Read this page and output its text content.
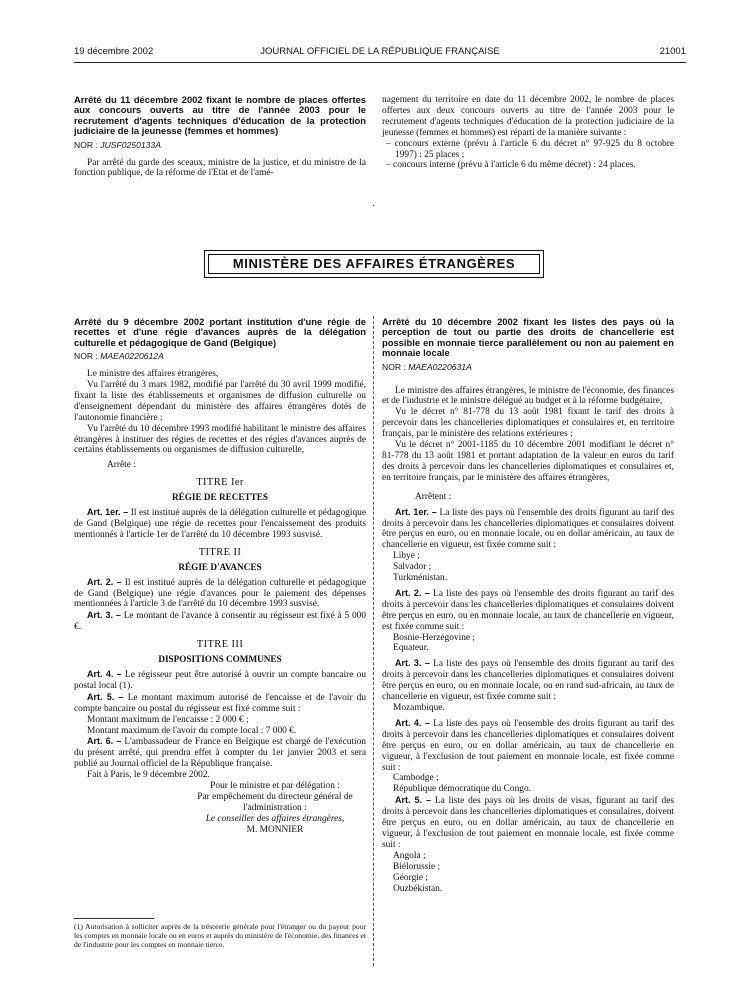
19 décembre 2002	JOURNAL OFFICIEL DE LA RÉPUBLIQUE FRANÇAISE	21001

Arrêté du 11 décembre 2002 fixant le nombre de places offertes aux concours ouverts au titre de l'année 2003 pour le recrutement d'agents techniques d'éducation de la protection judiciaire de la jeunesse (femmes et hommes)

NOR : JUSF0250133A

Par arrêté du garde des sceaux, ministre de la justice, et du ministre de la fonction publique, de la réforme de l'Etat et de l'amé-

nagement du territoire en date du 11 décembre 2002, le nombre de places offertes aux deux concours ouverts au titre de l'année 2003 pour le recrutement d'agents techniques d'éducation de la protection judiciaire de la jeunesse (femmes et hommes) est réparti de la manière suivante :

– concours externe (prévu à l'article 6 du décret n° 97-925 du 8 octobre 1997) : 25 places ;

– concours interne (prévu à l'article 6 du même décret) : 24 places.

MINISTÈRE DES AFFAIRES ÉTRANGÈRES

Arrêté du 9 décembre 2002 portant institution d'une régie de recettes et d'une régie d'avances auprès de la délégation culturelle et pédagogique de Gand (Belgique)

NOR : MAEA0220612A

Le ministre des affaires étrangères,

Vu l'arrêté du 3 mars 1982, modifié par l'arrêté du 30 avril 1999 modifié, fixant la liste des établissements et organismes de diffusion culturelle ou d'enseignement dépendant du ministère des affaires étrangères dotés de l'autonomie financière ;

Vu l'arrêté du 10 décembre 1993 modifié habilitant le ministre des affaires étrangères à instituer des régies de recettes et des régies d'avances auprès de certains établissements ou organismes de diffusion culturelle,

Arrête :

TITRE Ier

RÉGIE DE RECETTES

Art. 1er. – Il est institué auprès de la délégation culturelle et pédagogique de Gand (Belgique) une régie de recettes pour l'encaissement des produits mentionnés à l'article 1er de l'arrêté du 10 décembre 1993 susvisé.

TITRE II

RÉGIE D'AVANCES

Art. 2. – Il est institué auprès de la délégation culturelle et pédagogique de Gand (Belgique) une régie d'avances pour le paiement des dépenses mentionnées à l'article 3 de l'arrêté du 10 décembre 1993 susvisé.

Art. 3. – Le montant de l'avance à consentir au régisseur est fixé à 5 000 €.

TITRE III

DISPOSITIONS COMMUNES

Art. 4. – Le régisseur peut être autorisé à ouvrir un compte bancaire ou postal local (1).

Art. 5. – Le montant maximum autorisé de l'encaisse et de l'avoir du compte bancaire ou postal du régisseur est fixé comme suit :

Montant maximum de l'encaisse : 2 000 € ;

Montant maximum de l'avoir du compte local : 7 000 €.

Art. 6. – L'ambassadeur de France en Belgique est chargé de l'exécution du présent arrêté, qui prendra effet à compter du 1er janvier 2003 et sera publié au Journal officiel de la République française.

Fait à Paris, le 9 décembre 2002.

Pour le ministre et par délégation :

Par empêchement du directeur général de l'administration :

Le conseiller des affaires étrangères,

M. MONNIER

(1) Autorisation à solliciter auprès de la trésorerie générale pour l'étranger ou du payeur pour les comptes en monnaie locale ou en euros et auprès du ministère de l'économie, des finances et de l'industrie pour les comptes en monnaie tierce.

Arrêté du 10 décembre 2002 fixant les listes des pays où la perception de tout ou partie des droits de chancellerie est possible en monnaie tierce parallèlement ou non au paiement en monnaie locale

NOR : MAEA0220631A

Le ministre des affaires étrangères, le ministre de l'économie, des finances et de l'industrie et le ministre délégué au budget et à la réforme budgétaire,

Vu le décret n° 81-778 du 13 août 1981 fixant le tarif des droits à percevoir dans les chancelleries diplomatiques et consulaires et, en territoire français, par le ministère des relations extérieures ;

Vu le décret n° 2001-1185 du 10 décembre 2001 modifiant le décret n° 81-778 du 13 août 1981 et portant adaptation de la valeur en euros du tarif des droits à percevoir dans les chancelleries diplomatiques et consulaires et, en territoire français, par le ministère des affaires étrangères,

Arrêtent :

Art. 1er. – La liste des pays où l'ensemble des droits figurant au tarif des droits à percevoir dans les chancelleries diplomatiques et consulaires doivent être perçus en euro, ou en monnaie locale, ou en dollar américain, au taux de chancellerie en vigueur, est fixée comme suit :

Libye ;

Salvador ;

Turkménistan.

Art. 2. – La liste des pays où l'ensemble des droits figurant au tarif des droits à percevoir dans les chancelleries diplomatiques et consulaires doivent être perçus en euro, ou en monnaie locale, au taux de chancellerie en vigueur, est fixée comme suit :

Bosnie-Herzégovine ;

Equateur.

Art. 3. – La liste des pays où l'ensemble des droits figurant au tarif des droits à percevoir dans les chancelleries diplomatiques et consulaires doivent être perçus en euro, ou en monnaie locale, ou en rand sud-africain, au taux de chancellerie en vigueur, est fixée comme suit :

Mozambique.

Art. 4. – La liste des pays où l'ensemble des droits figurant au tarif des droits à percevoir dans les chancelleries diplomatiques et consulaires doivent être perçus en euro, ou en dollar américain, au taux de chancellerie en vigueur, à l'exclusion de tout paiement en monnaie locale, est fixée comme suit :

Cambodge ;

République démocratique du Congo.

Art. 5. – La liste des pays où les droits de visas, figurant au tarif des droits à percevoir dans les chancelleries diplomatiques et consulaires, doivent être perçus en euro, ou en dollar américain, au taux de chancellerie en vigueur, à l'exclusion de tout paiement en monnaie locale, est fixée comme suit :

Angola ;

Biélorussie ;

Géorgie ;

Ouzbékistan.
